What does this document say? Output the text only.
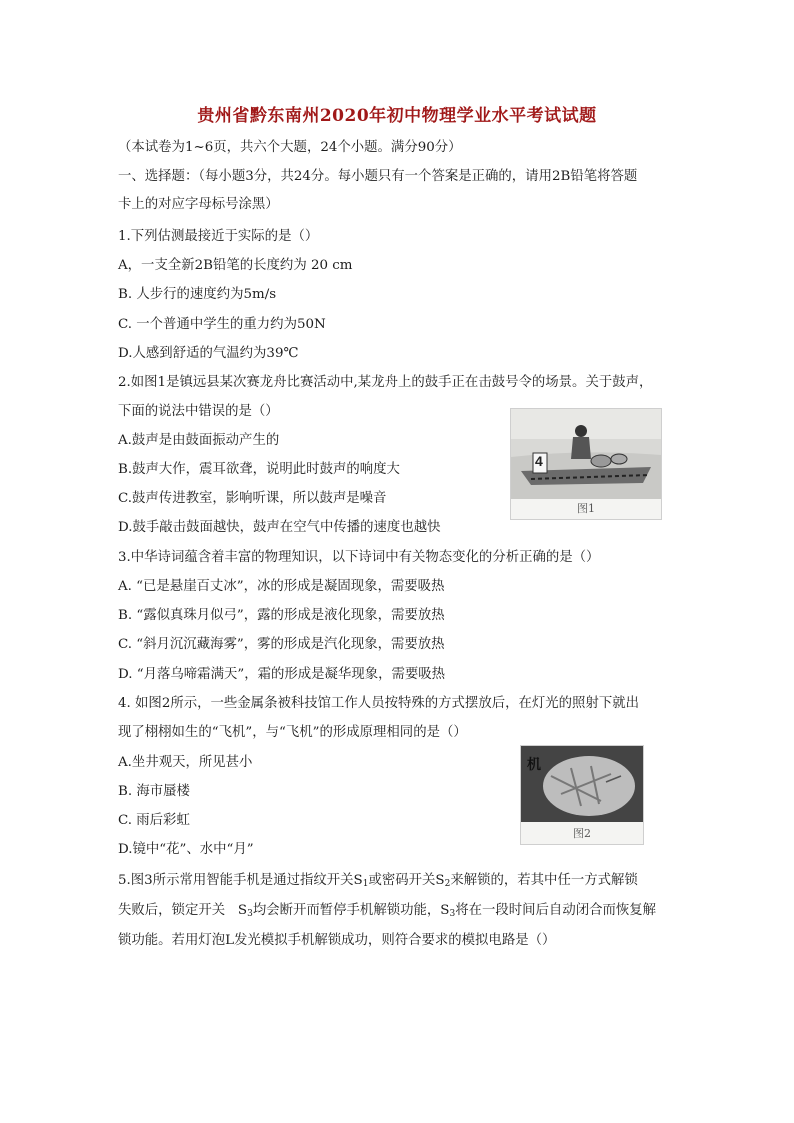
贵州省黔东南州2020年初中物理学业水平考试试题
（本试卷为1~6页，共六个大题，24个小题。满分90分）
一、选择题：（每小题3分，共24分。每小题只有一个答案是正确的，请用2B铅笔将答题
卡上的对应字母标号涂黑）
1.下列估测最接近于实际的是（）
A，一支全新2B铅笔的长度约为 20 cm
B. 人步行的速度约为5m/s
C. 一个普通中学生的重力约为50N
D.人感到舒适的气温约为39℃
2.如图1是镇远县某次赛龙舟比赛活动中,某龙舟上的鼓手正在击鼓号令的场景。关于鼓声，
下面的说法中错误的是（）
A.鼓声是由鼓面振动产生的
B.鼓声大作，震耳欲聋，说明此时鼓声的响度大
C.鼓声传进教室，影响听课，所以鼓声是噪音
D.鼓手敲击鼓面越快，鼓声在空气中传播的速度也越快
4
图1
3.中华诗词蕴含着丰富的物理知识，以下诗词中有关物态变化的分析正确的是（）
A. “已是悬崖百丈冰”，冰的形成是凝固现象，需要吸热
B. “露似真珠月似弓”，露的形成是液化现象，需要放热
C. “斜月沉沉藏海雾”，雾的形成是汽化现象，需要放热
D. “月落乌啼霜满天”，霜的形成是凝华现象，需要吸热
4. 如图2所示，一些金属条被科技馆工作人员按特殊的方式摆放后，在灯光的照射下就出
现了栩栩如生的“飞机”，与“飞机”的形成原理相同的是（）
A.坐井观天，所见甚小
B. 海市蜃楼
C. 雨后彩虹
D.镜中“花”、水中“月”
机
图2
5.图3所示常用智能手机是通过指纹开关$S_1$或密码开关$S_2$来解锁的，若其中任一方式解锁
失败后，锁定开关   $S_3$均会断开而暂停手机解锁功能，$S_3$将在一段时间后自动闭合而恢复解
锁功能。若用灯泡L发光模拟手机解锁成功，则符合要求的模拟电路是（）
